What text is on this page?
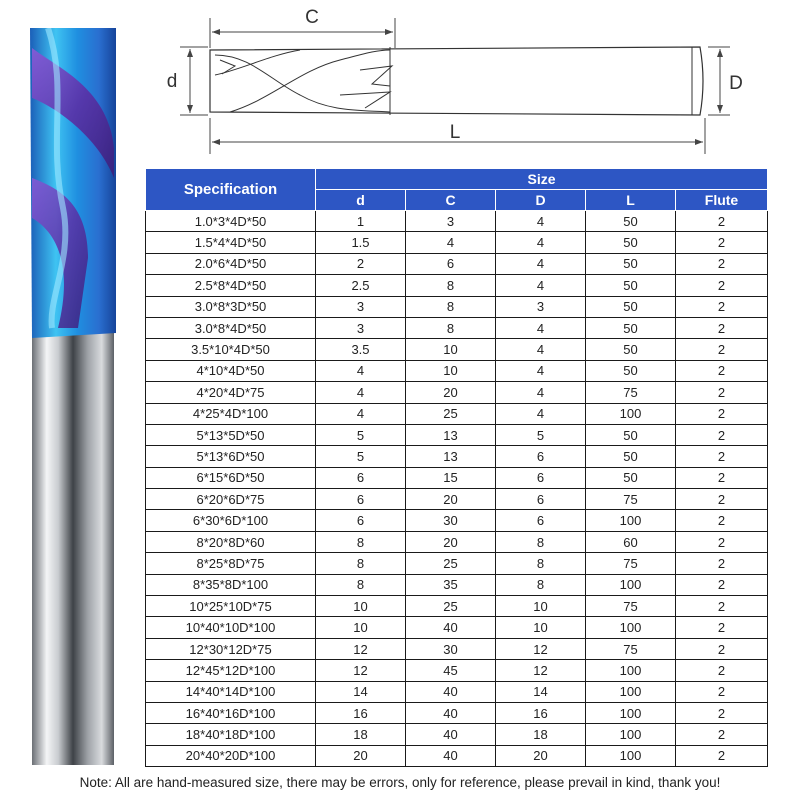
C
d	D
L
Specification	Size				
	d	C	D	L	Flute
1.0*3*4D*50	1	3	4	50	2
1.5*4*4D*50	1.5	4	4	50	2
2.0*6*4D*50	2	6	4	50	2
2.5*8*4D*50	2.5	8	4	50	2
3.0*8*3D*50	3	8	3	50	2
3.0*8*4D*50	3	8	4	50	2
3.5*10*4D*50	3.5	10	4	50	2
4*10*4D*50	4	10	4	50	2
4*20*4D*75	4	20	4	75	2
4*25*4D*100	4	25	4	100	2
5*13*5D*50	5	13	5	50	2
5*13*6D*50	5	13	6	50	2
6*15*6D*50	6	15	6	50	2
6*20*6D*75	6	20	6	75	2
6*30*6D*100	6	30	6	100	2
8*20*8D*60	8	20	8	60	2
8*25*8D*75	8	25	8	75	2
8*35*8D*100	8	35	8	100	2
10*25*10D*75	10	25	10	75	2
10*40*10D*100	10	40	10	100	2
12*30*12D*75	12	30	12	75	2
12*45*12D*100	12	45	12	100	2
14*40*14D*100	14	40	14	100	2
16*40*16D*100	16	40	16	100	2
18*40*18D*100	18	40	18	100	2
20*40*20D*100	20	40	20	100	2
Note: All are hand-measured size, there may be errors, only for reference, please prevail in kind, thank you!
